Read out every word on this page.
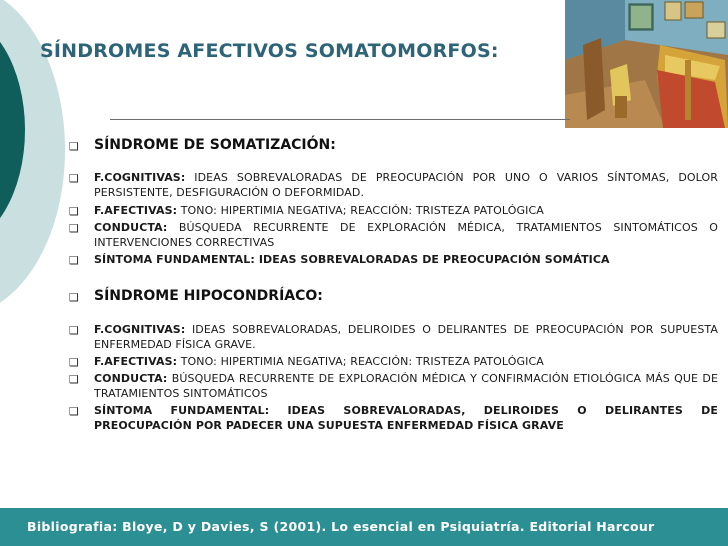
SÍNDROMES AFECTIVOS SOMATOMORFOS:
❑ SÍNDROME DE SOMATIZACIÓN:
❑ F.COGNITIVAS: IDEAS SOBREVALORADAS DE PREOCUPACIÓN POR UNO O VARIOS SÍNTOMAS, DOLOR PERSISTENTE, DESFIGURACIÓN O DEFORMIDAD.
❑ F.AFECTIVAS: TONO: HIPERTIMIA NEGATIVA; REACCIÓN: TRISTEZA PATOLÓGICA
❑ CONDUCTA: BÚSQUEDA RECURRENTE DE EXPLORACIÓN MÉDICA, TRATAMIENTOS SINTOMÁTICOS O INTERVENCIONES CORRECTIVAS
❑ SÍNTOMA FUNDAMENTAL: IDEAS SOBREVALORADAS DE PREOCUPACIÓN SOMÁTICA
❑ SÍNDROME HIPOCONDRÍACO:
❑ F.COGNITIVAS: IDEAS SOBREVALORADAS, DELIROIDES O DELIRANTES DE PREOCUPACIÓN POR SUPUESTA ENFERMEDAD FÍSICA GRAVE.
❑ F.AFECTIVAS: TONO: HIPERTIMIA NEGATIVA; REACCIÓN: TRISTEZA PATOLÓGICA
❑ CONDUCTA: BÚSQUEDA RECURRENTE DE EXPLORACIÓN MÉDICA Y CONFIRMACIÓN ETIOLÓGICA MÁS QUE DE TRATAMIENTOS SINTOMÁTICOS
❑ SÍNTOMA FUNDAMENTAL: IDEAS SOBREVALORADAS, DELIROIDES O DELIRANTES DE PREOCUPACIÓN POR PADECER UNA SUPUESTA ENFERMEDAD FÍSICA GRAVE
Bibliografia: Bloye, D y Davies, S (2001). Lo esencial en Psiquiatría. Editorial Harcour
